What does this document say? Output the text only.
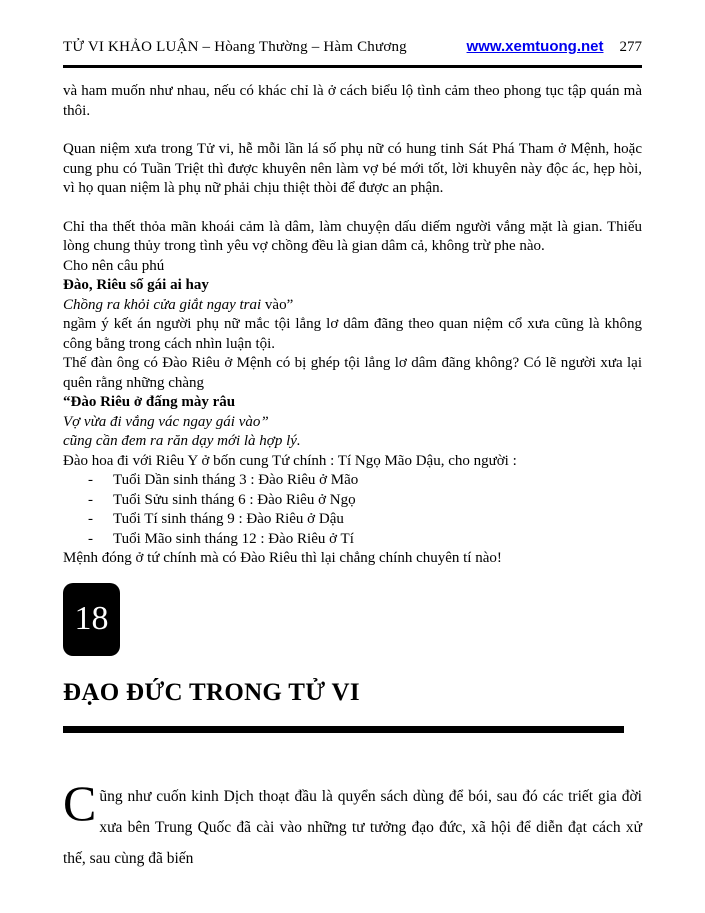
TỬ VI KHẢO LUẬN – Hòang Thường – Hàm Chương	www.xemtuong.net 277

và ham muốn như nhau, nếu có khác chỉ là ở cách biểu lộ tình cảm theo phong tục tập quán mà thôi.

Quan niệm xưa trong Tử vi, hễ mỗi lần lá số phụ nữ có hung tinh Sát Phá Tham ở Mệnh, hoặc cung phu có Tuần Triệt thì được khuyên nên làm vợ bé mới tốt, lời khuyên này độc ác, hẹp hòi, vì họ quan niệm là phụ nữ phải chịu thiệt thòi để được an phận.

Chỉ tha thết thỏa mãn khoái cảm là dâm, làm chuyện dấu diếm người vắng mặt là gian. Thiếu lòng chung thủy trong tình yêu vợ chồng đều là gian dâm cả, không trừ phe nào.

Cho nên câu phú

Đào, Riêu số gái ai hay

Chồng ra khỏi cửa giắt ngay trai vào”

ngầm ý kết án người phụ nữ mắc tội lẳng lơ dâm đãng theo quan niệm cổ xưa cũng là không công bằng trong cách nhìn luận tội.

Thế đàn ông có Đào Riêu ở Mệnh có bị ghép tội lẳng lơ dâm đãng không? Có lẽ người xưa lại quên rằng những chàng

“Đào Riêu ở đấng mày râu

Vợ vừa đi vắng vác ngay gái vào”

cũng cần đem ra răn dạy mới là hợp lý.

Đào hoa đi với Riêu Y ở bốn cung Tứ chính : Tí Ngọ Mão Dậu, cho người :

-	Tuổi Dần sinh tháng 3 : Đào Riêu ở Mão
-	Tuổi Sửu sinh tháng 6 : Đào Riêu ở Ngọ
-	Tuổi Tí sinh tháng 9 : Đào Riêu ở Dậu
-	Tuổi Mão sinh tháng 12 : Đào Riêu ở Tí

Mệnh đóng ở tứ chính mà có Đào Riêu thì lại chẳng chính chuyên tí nào!

18
ĐẠO ĐỨC TRONG TỬ VI

Cũng như cuốn kinh Dịch thoạt đầu là quyển sách dùng để bói, sau đó các triết gia đời xưa bên Trung Quốc đã cài vào những tư tưởng đạo đức, xã hội để diễn đạt cách xử thế, sau cùng đã biến
